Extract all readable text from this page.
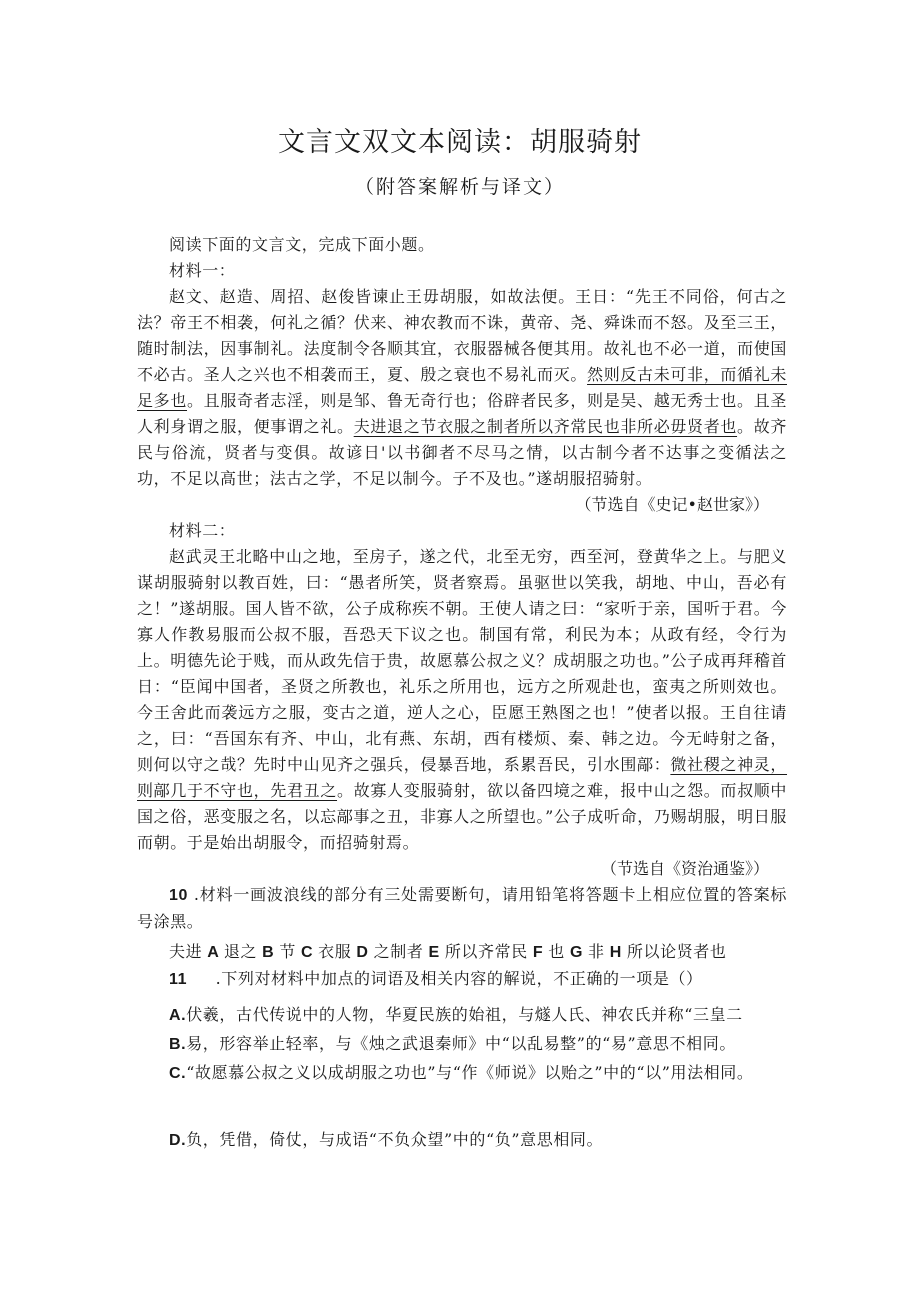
文言文双文本阅读：胡服骑射
（附答案解析与译文）

阅读下面的文言文，完成下面小题。

材料一：

赵文、赵造、周招、赵俊皆谏止王毋胡服，如故法便。王日：“先王不同俗，何古之法？帝王不相袭，何礼之循？伏来、神农教而不诛，黄帝、尧、舜诛而不怒。及至三王，随时制法，因事制礼。法度制令各顺其宜，衣服器械各便其用。故礼也不必一道，而使国不必古。圣人之兴也不相袭而王，夏、殷之衰也不易礼而灭。然则反古未可非，而循礼未足多也。且服奇者志淫，则是邹、鲁无奇行也；俗辟者民多，则是吴、越无秀士也。且圣人利身谓之服，便事谓之礼。夫进退之节衣服之制者所以齐常民也非所必毋贤者也。故齐民与俗流，贤者与变俱。故谚日'以书御者不尽马之情，以古制今者不达事之变循法之功，不足以高世；法古之学，不足以制今。子不及也。”遂胡服招骑射。

（节选自《史记•赵世家》）

材料二：

赵武灵王北略中山之地，至房子，遂之代，北至无穷，西至河，登黄华之上。与肥义谋胡服骑射以教百姓，曰：“愚者所笑，贤者察焉。虽驱世以笑我，胡地、中山，吾必有之！”遂胡服。国人皆不欲，公子成称疾不朝。王使人请之曰：“家听于亲，国听于君。今寡人作教易服而公叔不服，吾恐天下议之也。制国有常，利民为本；从政有经，令行为上。明德先论于贱，而从政先信于贵，故愿慕公叔之义？成胡服之功也。”公子成再拜稽首日：“臣闻中国者，圣贤之所教也，礼乐之所用也，远方之所观赴也，蛮夷之所则效也。今王舍此而袭远方之服，变古之道，逆人之心，臣愿王熟图之也！”使者以报。王自往请之，曰：“吾国东有齐、中山，北有燕、东胡，西有楼烦、秦、韩之边。今无峙射之备，则何以守之哉？先时中山见齐之强兵，侵暴吾地，系累吾民，引水围鄗：微社稷之神灵，则鄗几于不守也，先君丑之。故寡人变服骑射，欲以备四境之难，报中山之怨。而叔顺中国之俗，恶变服之名，以忘鄗事之丑，非寡人之所望也。”公子成听命，乃赐胡服，明日服而朝。于是始出胡服令，而招骑射焉。

（节选自《资治通鉴》）

10 .材料一画波浪线的部分有三处需要断句，请用铅笔将答题卡上相应位置的答案标号涂黑。

夫进 A 退之 B 节 C 衣服 D 之制者 E 所以齐常民 F 也 G 非 H 所以论贤者也

11 .下列对材料中加点的词语及相关内容的解说，不正确的一项是（）

A.伏羲，古代传说中的人物，华夏民族的始祖，与燧人氏、神农氏并称“三皇二

B.易，形容举止轻率，与《烛之武退秦师》中“以乱易整”的“易”意思不相同。

C.“故愿慕公叔之义以成胡服之功也”与“作《师说》以贻之”中的“以”用法相同。

D.负，凭借，倚仗，与成语“不负众望”中的“负”意思相同。
